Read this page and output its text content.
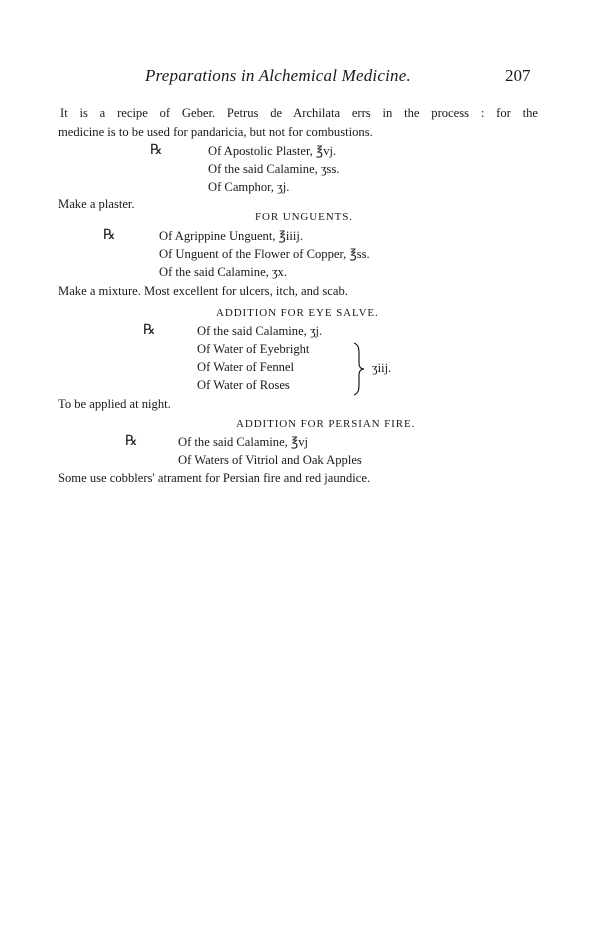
Preparations in Alchemical Medicine.	207
It is a recipe of Geber. Petrus de Archilata errs in the process : for the
medicine is to be used for pandaricia, but not for combustions.
℞	Of Apostolic Plaster, ℥vj.
Of the said Calamine, ʒss.
Of Camphor, ʒj.
Make a plaster.
FOR UNGUENTS.
℞	Of Agrippine Unguent, ℥iiij.
Of Unguent of the Flower of Copper, ℥ss.
Of the said Calamine, ʒx.
Make a mixture. Most excellent for ulcers, itch, and scab.
ADDITION FOR EYE SALVE.
℞	Of the said Calamine, ʒj.
Of Water of Eyebright
Of Water of Fennel
Of Water of Roses
ʒiij.
To be applied at night.
ADDITION FOR PERSIAN FIRE.
℞	Of the said Calamine, ℥vj
Of Waters of Vitriol and Oak Apples
Some use cobblers' atrament for Persian fire and red jaundice.
